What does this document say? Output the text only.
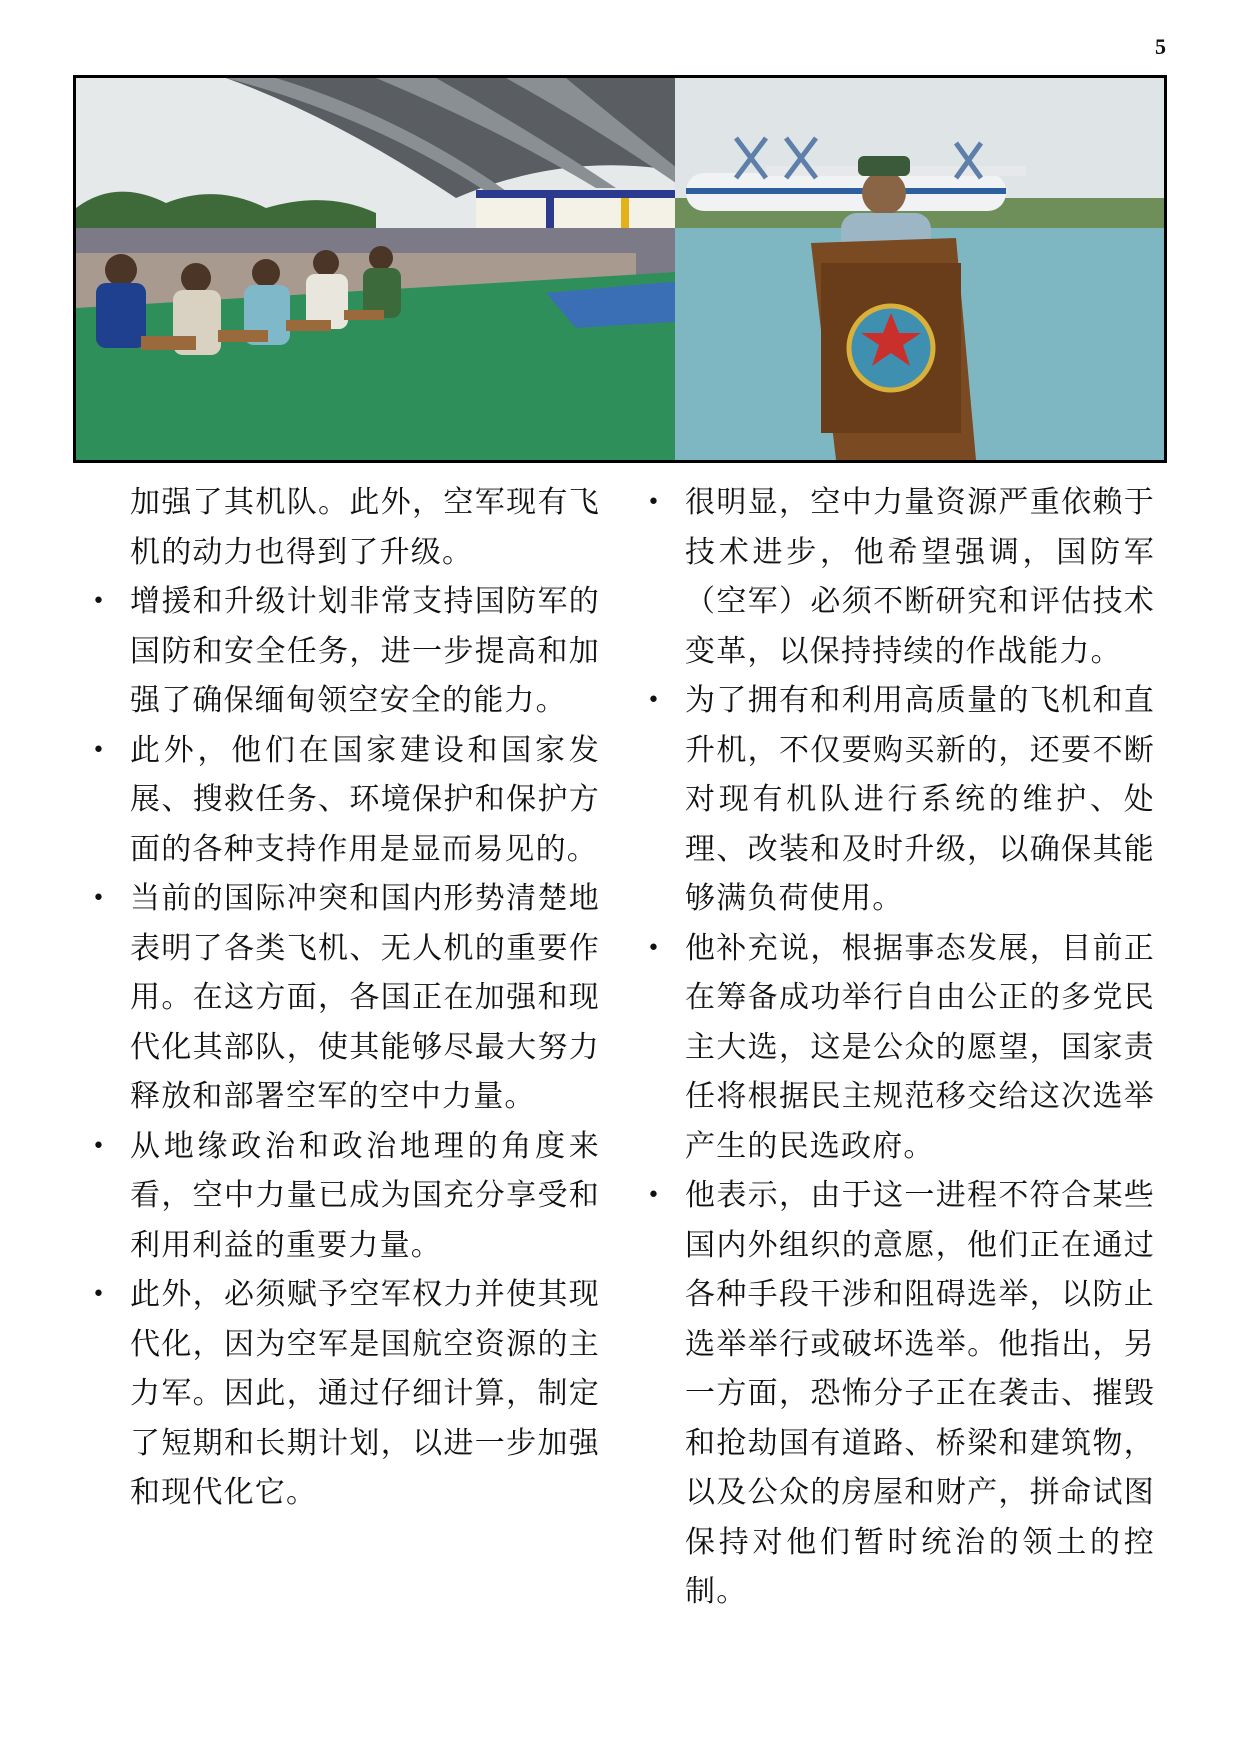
5

加强了其机队。此外，空军现有飞机的动力也得到了升级。

• 增援和升级计划非常支持国防军的国防和安全任务，进一步提高和加强了确保缅甸领空安全的能力。

• 此外，他们在国家建设和国家发展、搜救任务、环境保护和保护方面的各种支持作用是显而易见的。

• 当前的国际冲突和国内形势清楚地表明了各类飞机、无人机的重要作用。在这方面，各国正在加强和现代化其部队，使其能够尽最大努力释放和部署空军的空中力量。

• 从地缘政治和政治地理的角度来看，空中力量已成为国充分享受和利用利益的重要力量。

• 此外，必须赋予空军权力并使其现代化，因为空军是国航空资源的主力军。因此，通过仔细计算，制定了短期和长期计划，以进一步加强和现代化它。

• 很明显，空中力量资源严重依赖于技术进步，他希望强调，国防军（空军）必须不断研究和评估技术变革，以保持持续的作战能力。

• 为了拥有和利用高质量的飞机和直升机，不仅要购买新的，还要不断对现有机队进行系统的维护、处理、改装和及时升级，以确保其能够满负荷使用。

• 他补充说，根据事态发展，目前正在筹备成功举行自由公正的多党民主大选，这是公众的愿望，国家责任将根据民主规范移交给这次选举产生的民选政府。

• 他表示，由于这一进程不符合某些国内外组织的意愿，他们正在通过各种手段干涉和阻碍选举，以防止选举举行或破坏选举。他指出，另一方面，恐怖分子正在袭击、摧毁和抢劫国有道路、桥梁和建筑物，以及公众的房屋和财产，拼命试图保持对他们暂时统治的领土的控制。
